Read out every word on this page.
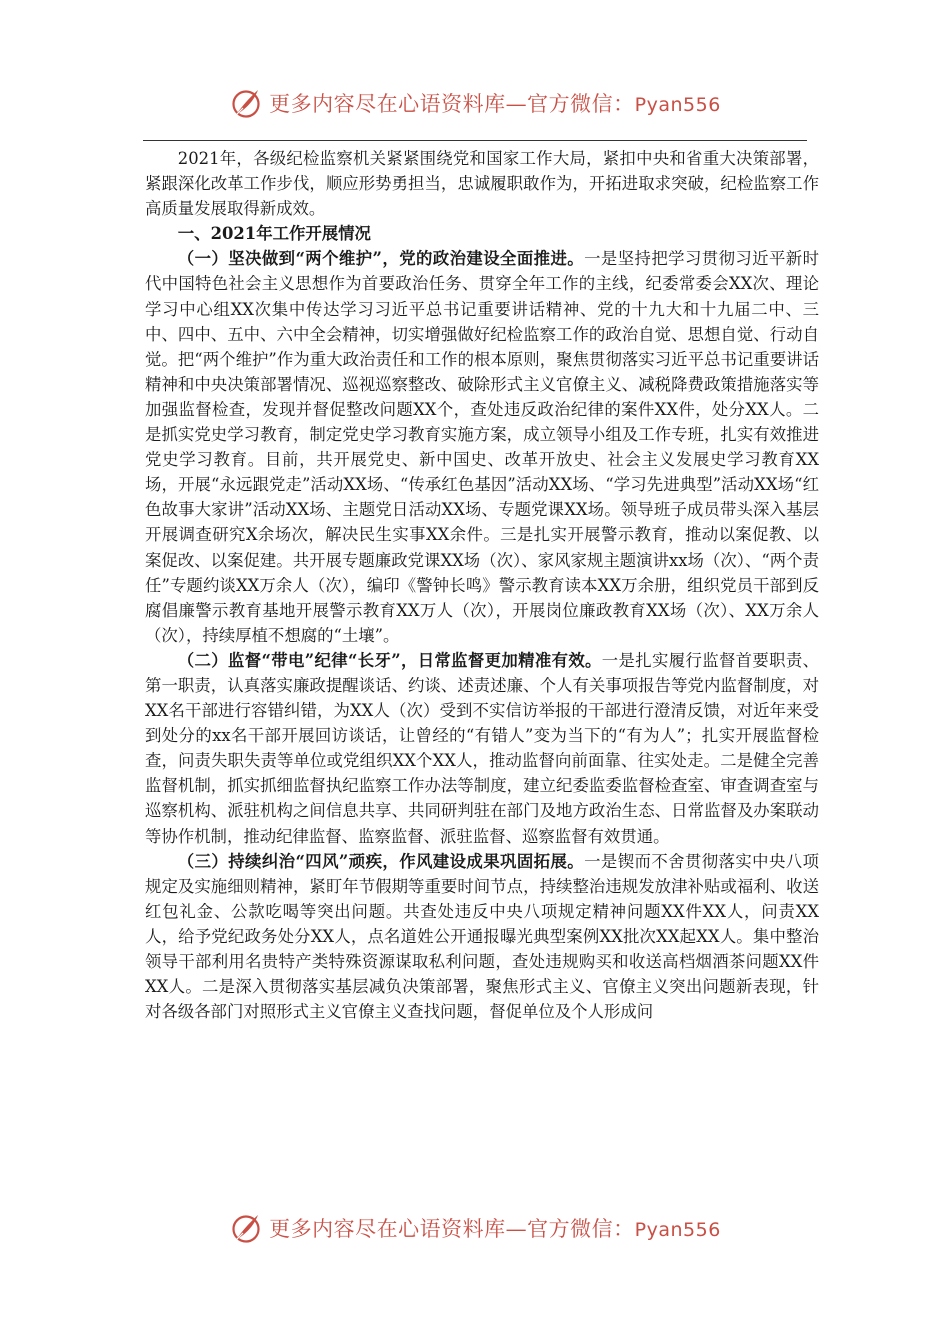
更多内容尽在心语资料库—官方微信：Pyan556

2021年，各级纪检监察机关紧紧围绕党和国家工作大局，紧扣中央和省重大决策部署，紧跟深化改革工作步伐，顺应形势勇担当，忠诚履职敢作为，开拓进取求突破，纪检监察工作高质量发展取得新成效。

一、2021年工作开展情况

（一）坚决做到“两个维护”，党的政治建设全面推进。一是坚持把学习贯彻习近平新时代中国特色社会主义思想作为首要政治任务、贯穿全年工作的主线，纪委常委会XX次、理论学习中心组XX次集中传达学习习近平总书记重要讲话精神、党的十九大和十九届二中、三中、四中、五中、六中全会精神，切实增强做好纪检监察工作的政治自觉、思想自觉、行动自觉。把“两个维护”作为重大政治责任和工作的根本原则，聚焦贯彻落实习近平总书记重要讲话精神和中央决策部署情况、巡视巡察整改、破除形式主义官僚主义、减税降费政策措施落实等加强监督检查，发现并督促整改问题XX个，查处违反政治纪律的案件XX件，处分XX人。二是抓实党史学习教育，制定党史学习教育实施方案，成立领导小组及工作专班，扎实有效推进党史学习教育。目前，共开展党史、新中国史、改革开放史、社会主义发展史学习教育XX场，开展“永远跟党走”活动XX场、“传承红色基因”活动XX场、“学习先进典型”活动XX场“红色故事大家讲”活动XX场、主题党日活动XX场、专题党课XX场。领导班子成员带头深入基层开展调查研究X余场次，解决民生实事XX余件。三是扎实开展警示教育，推动以案促教、以案促改、以案促建。共开展专题廉政党课XX场（次）、家风家规主题演讲xx场（次）、“两个责任”专题约谈XX万余人（次），编印《警钟长鸣》警示教育读本XX万余册，组织党员干部到反腐倡廉警示教育基地开展警示教育XX万人（次），开展岗位廉政教育XX场（次）、XX万余人（次），持续厚植不想腐的“土壤”。

（二）监督“带电”纪律“长牙”，日常监督更加精准有效。一是扎实履行监督首要职责、第一职责，认真落实廉政提醒谈话、约谈、述责述廉、个人有关事项报告等党内监督制度，对XX名干部进行容错纠错，为XX人（次）受到不实信访举报的干部进行澄清反馈，对近年来受到处分的xx名干部开展回访谈话，让曾经的“有错人”变为当下的“有为人”；扎实开展监督检查，问责失职失责等单位或党组织XX个XX人，推动监督向前面靠、往实处走。二是健全完善监督机制，抓实抓细监督执纪监察工作办法等制度，建立纪委监委监督检查室、审查调查室与巡察机构、派驻机构之间信息共享、共同研判驻在部门及地方政治生态、日常监督及办案联动等协作机制，推动纪律监督、监察监督、派驻监督、巡察监督有效贯通。

（三）持续纠治“四风”顽疾，作风建设成果巩固拓展。一是锲而不舍贯彻落实中央八项规定及实施细则精神，紧盯年节假期等重要时间节点，持续整治违规发放津补贴或福利、收送红包礼金、公款吃喝等突出问题。共查处违反中央八项规定精神问题XX件XX人，问责XX人，给予党纪政务处分XX人，点名道姓公开通报曝光典型案例XX批次XX起XX人。集中整治领导干部利用名贵特产类特殊资源谋取私利问题，查处违规购买和收送高档烟酒茶问题XX件XX人。二是深入贯彻落实基层减负决策部署，聚焦形式主义、官僚主义突出问题新表现，针对各级各部门对照形式主义官僚主义查找问题，督促单位及个人形成问

更多内容尽在心语资料库—官方微信：Pyan556
